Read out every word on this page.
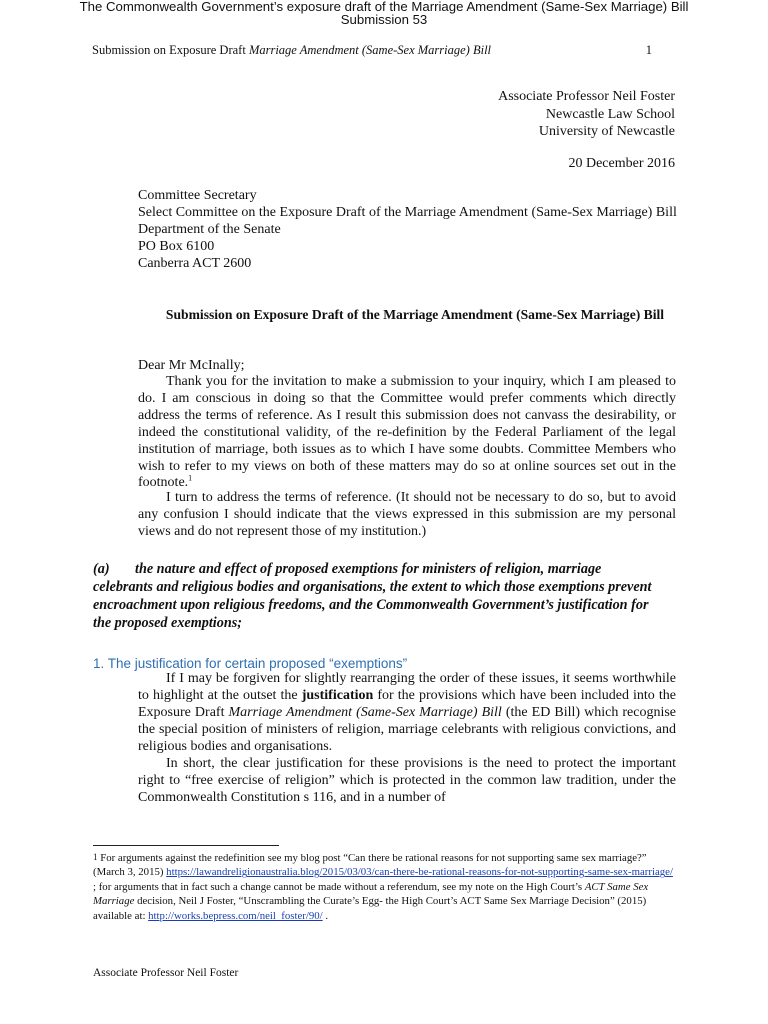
The Commonwealth Government’s exposure draft of the Marriage Amendment (Same-Sex Marriage) Bill
Submission 53
Submission on Exposure Draft Marriage Amendment (Same-Sex Marriage) Bill	1
Associate Professor Neil Foster
Newcastle Law School
University of Newcastle
20 December 2016
Committee Secretary
Select Committee on the Exposure Draft of the Marriage Amendment (Same-Sex Marriage) Bill
Department of the Senate
PO Box 6100
Canberra ACT 2600
Submission on Exposure Draft of the Marriage Amendment (Same-Sex Marriage) Bill
Dear Mr McInally;
Thank you for the invitation to make a submission to your inquiry, which I am pleased to do. I am conscious in doing so that the Committee would prefer comments which directly address the terms of reference. As I result this submission does not canvass the desirability, or indeed the constitutional validity, of the re-definition by the Federal Parliament of the legal institution of marriage, both issues as to which I have some doubts. Committee Members who wish to refer to my views on both of these matters may do so at online sources set out in the footnote.$^1$
I turn to address the terms of reference. (It should not be necessary to do so, but to avoid any confusion I should indicate that the views expressed in this submission are my personal views and do not represent those of my institution.)
(a) the nature and effect of proposed exemptions for ministers of religion, marriage celebrants and religious bodies and organisations, the extent to which those exemptions prevent encroachment upon religious freedoms, and the Commonwealth Government’s justification for the proposed exemptions;
1. The justification for certain proposed “exemptions”
If I may be forgiven for slightly rearranging the order of these issues, it seems worthwhile to highlight at the outset the justification for the provisions which have been included into the Exposure Draft Marriage Amendment (Same-Sex Marriage) Bill (the ED Bill) which recognise the special position of ministers of religion, marriage celebrants with religious convictions, and religious bodies and organisations.
In short, the clear justification for these provisions is the need to protect the important right to “free exercise of religion” which is protected in the common law tradition, under the Commonwealth Constitution s 116, and in a number of
$^1$ For arguments against the redefinition see my blog post “Can there be rational reasons for not supporting same sex marriage?” (March 3, 2015) https://lawandreligionaustralia.blog/2015/03/03/can-there-be-rational-reasons-for-not-supporting-same-sex-marriage/ ; for arguments that in fact such a change cannot be made without a referendum, see my note on the High Court’s ACT Same Sex Marriage decision, Neil J Foster, “Unscrambling the Curate’s Egg- the High Court’s ACT Same Sex Marriage Decision” (2015) available at: http://works.bepress.com/neil_foster/90/ .
Associate Professor Neil Foster
